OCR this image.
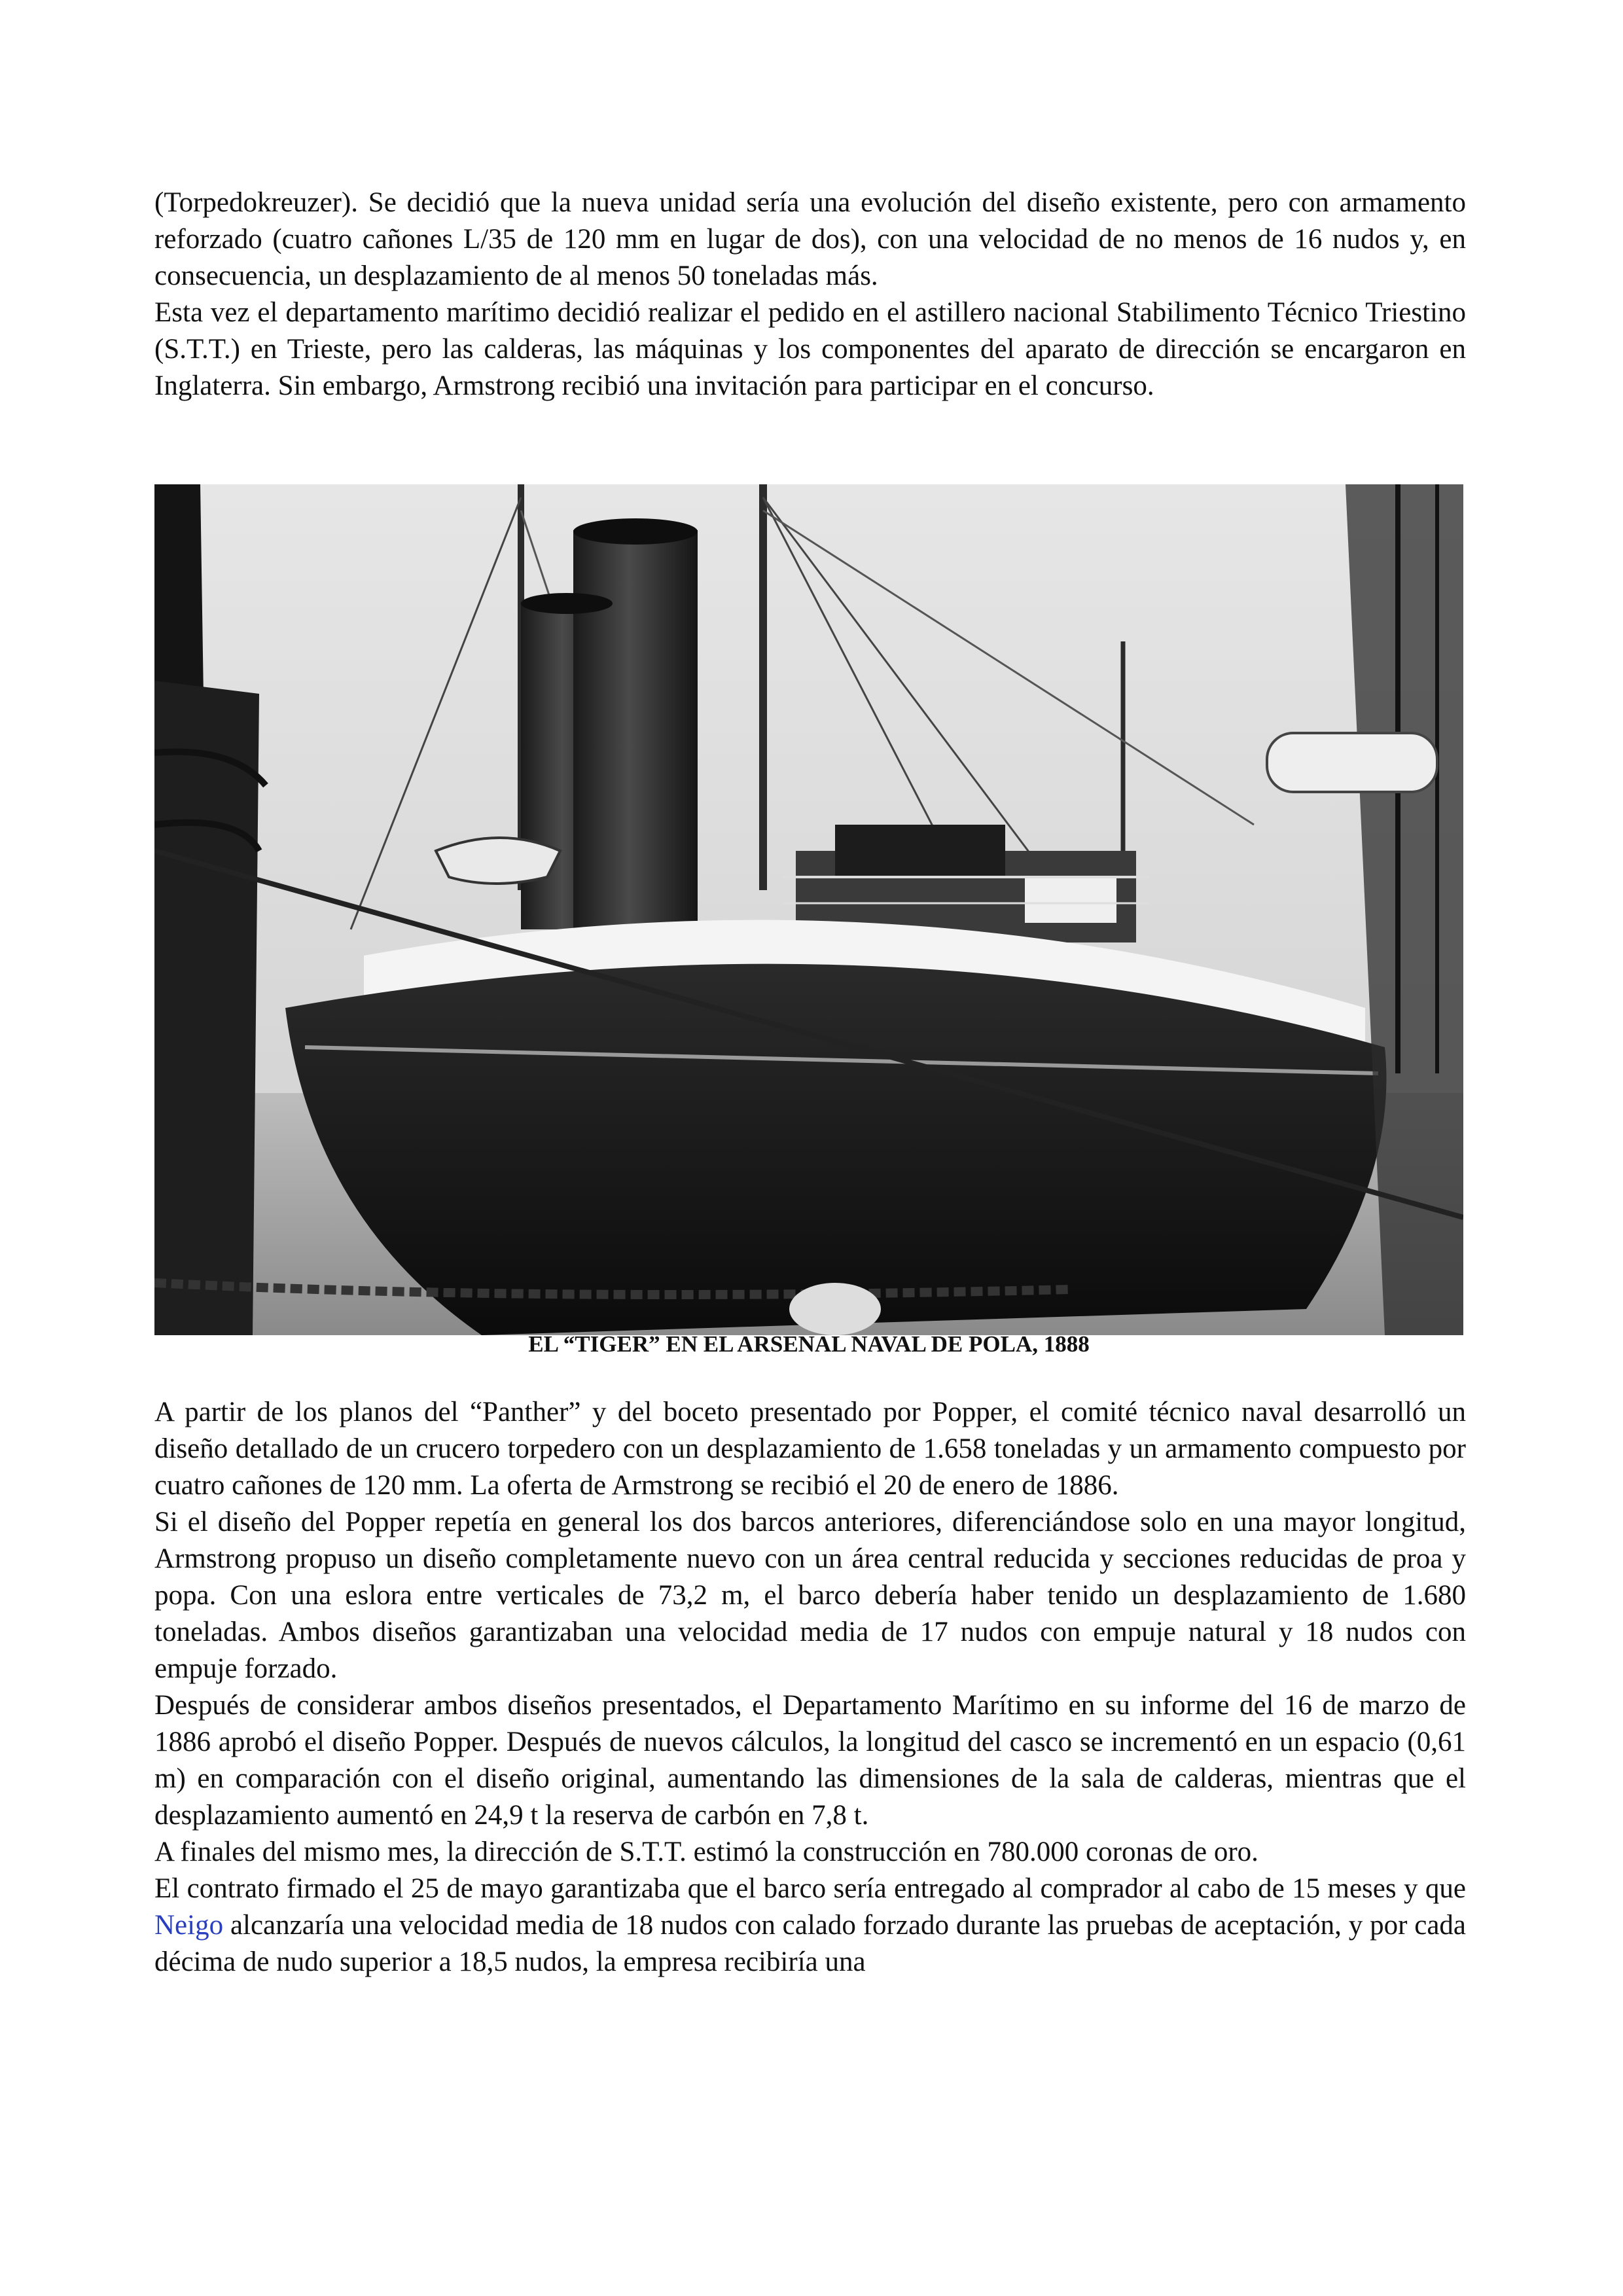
(Torpedokreuzer). Se decidió que la nueva unidad sería una evolución del diseño existente, pero con armamento reforzado (cuatro cañones L/35 de 120 mm en lugar de dos), con una velocidad de no menos de 16 nudos y, en consecuencia, un desplazamiento de al menos 50 toneladas más.

Esta vez el departamento marítimo decidió realizar el pedido en el astillero nacional Stabilimento Técnico Triestino (S.T.T.) en Trieste, pero las calderas, las máquinas y los componentes del aparato de dirección se encargaron en Inglaterra. Sin embargo, Armstrong recibió una invitación para participar en el concurso.

EL “TIGER” EN EL ARSENAL NAVAL DE POLA, 1888

A partir de los planos del “Panther” y del boceto presentado por Popper, el comité técnico naval desarrolló un diseño detallado de un crucero torpedero con un desplazamiento de 1.658 toneladas y un armamento compuesto por cuatro cañones de 120 mm. La oferta de Armstrong se recibió el 20 de enero de 1886.

Si el diseño del Popper repetía en general los dos barcos anteriores, diferenciándose solo en una mayor longitud, Armstrong propuso un diseño completamente nuevo con un área central reducida y secciones reducidas de proa y popa. Con una eslora entre verticales de 73,2 m, el barco debería haber tenido un desplazamiento de 1.680 toneladas. Ambos diseños garantizaban una velocidad media de 17 nudos con empuje natural y 18 nudos con empuje forzado.

Después de considerar ambos diseños presentados, el Departamento Marítimo en su informe del 16 de marzo de 1886 aprobó el diseño Popper. Después de nuevos cálculos, la longitud del casco se incrementó en un espacio (0,61 m) en comparación con el diseño original, aumentando las dimensiones de la sala de calderas, mientras que el desplazamiento aumentó en 24,9 t la reserva de carbón en 7,8 t.

A finales del mismo mes, la dirección de S.T.T. estimó la construcción en 780.000 coronas de oro.

El contrato firmado el 25 de mayo garantizaba que el barco sería entregado al comprador al cabo de 15 meses y que Neigo alcanzaría una velocidad media de 18 nudos con calado forzado durante las pruebas de aceptación, y por cada décima de nudo superior a 18,5 nudos, la empresa recibiría una
